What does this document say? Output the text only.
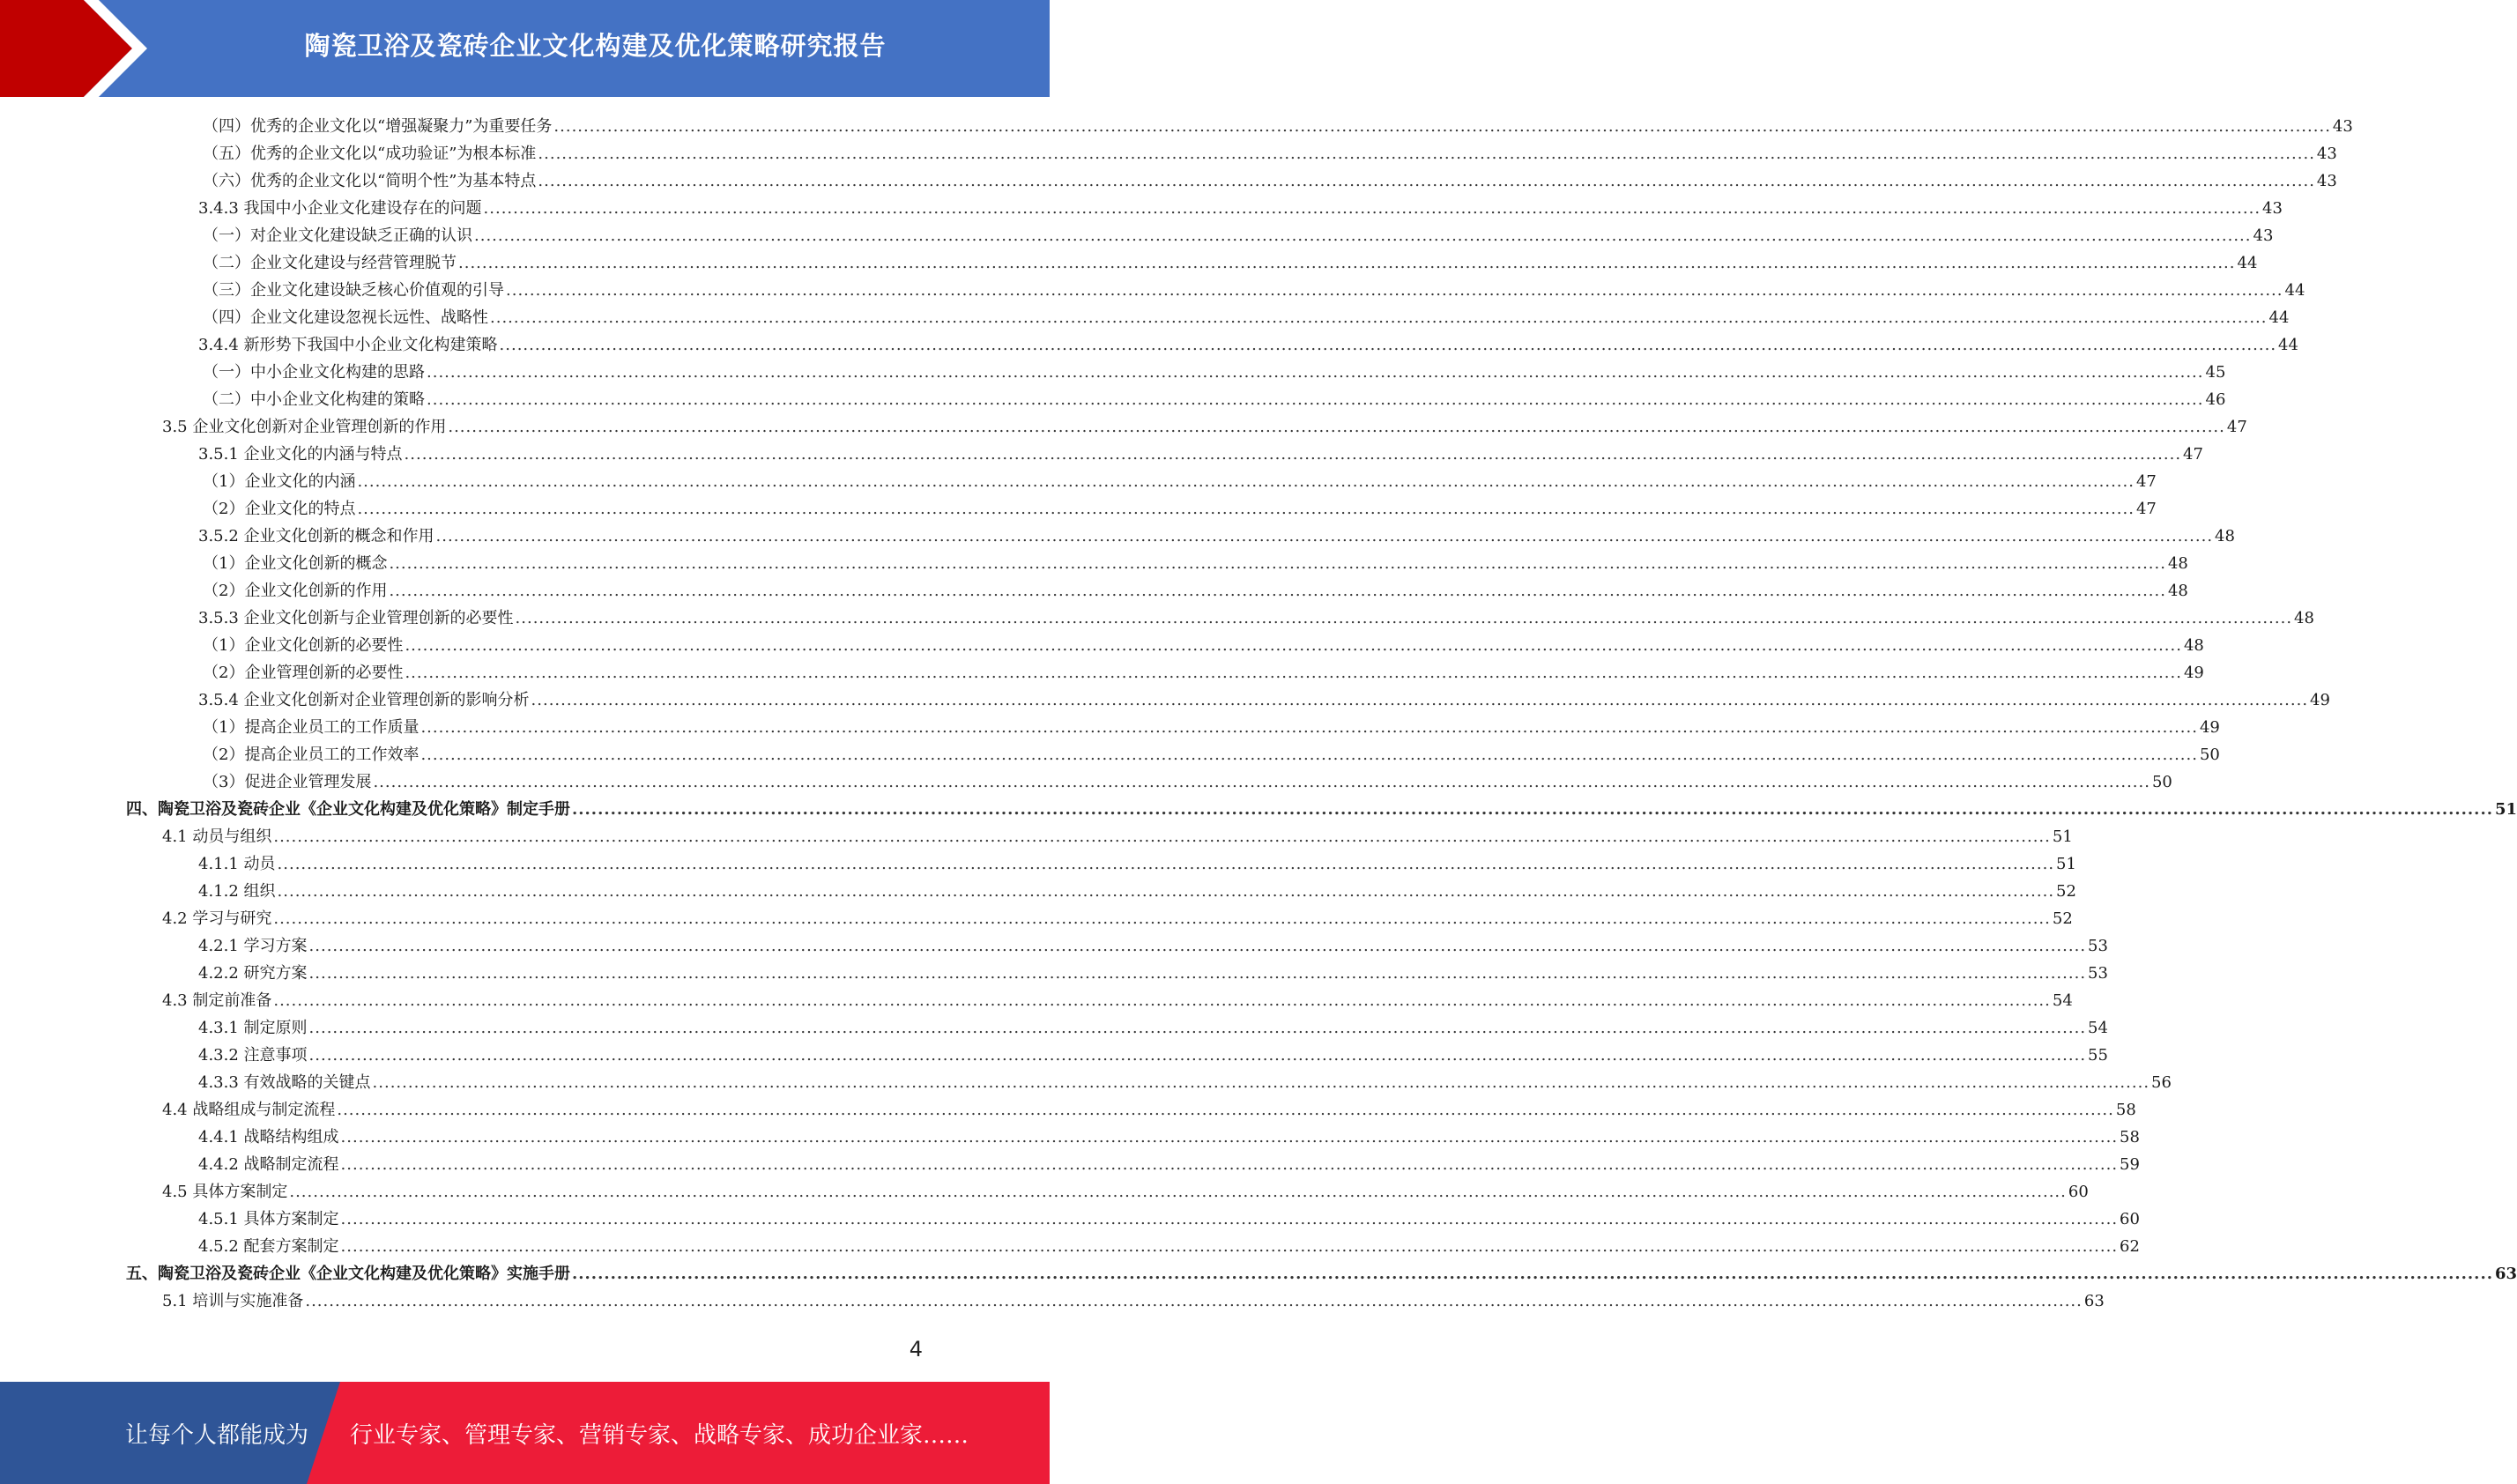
陶瓷卫浴及瓷砖企业文化构建及优化策略研究报告
（四）优秀的企业文化以“增强凝聚力”为重要任务 ............................................................................................................................................................................................................................................................................................................ 43
（五）优秀的企业文化以“成功验证”为根本标准 ............................................................................................................................................................................................................................................................................................................ 43
（六）优秀的企业文化以“简明个性”为基本特点 ............................................................................................................................................................................................................................................................................................................ 43
3.4.3 我国中小企业文化建设存在的问题 ............................................................................................................................................................................................................................................................................................................ 43
（一）对企业文化建设缺乏正确的认识 ............................................................................................................................................................................................................................................................................................................ 43
（二）企业文化建设与经营管理脱节 ............................................................................................................................................................................................................................................................................................................ 44
（三）企业文化建设缺乏核心价值观的引导 ............................................................................................................................................................................................................................................................................................................ 44
（四）企业文化建设忽视长远性、战略性 ............................................................................................................................................................................................................................................................................................................ 44
3.4.4 新形势下我国中小企业文化构建策略 ............................................................................................................................................................................................................................................................................................................ 44
（一）中小企业文化构建的思路 ............................................................................................................................................................................................................................................................................................................ 45
（二）中小企业文化构建的策略 ............................................................................................................................................................................................................................................................................................................ 46
3.5 企业文化创新对企业管理创新的作用 ............................................................................................................................................................................................................................................................................................................ 47
3.5.1 企业文化的内涵与特点 ............................................................................................................................................................................................................................................................................................................ 47
（1）企业文化的内涵 ............................................................................................................................................................................................................................................................................................................ 47
（2）企业文化的特点 ............................................................................................................................................................................................................................................................................................................ 47
3.5.2 企业文化创新的概念和作用 ............................................................................................................................................................................................................................................................................................................ 48
（1）企业文化创新的概念 ............................................................................................................................................................................................................................................................................................................ 48
（2）企业文化创新的作用 ............................................................................................................................................................................................................................................................................................................ 48
3.5.3 企业文化创新与企业管理创新的必要性 ............................................................................................................................................................................................................................................................................................................ 48
（1）企业文化创新的必要性 ............................................................................................................................................................................................................................................................................................................ 48
（2）企业管理创新的必要性 ............................................................................................................................................................................................................................................................................................................ 49
3.5.4 企业文化创新对企业管理创新的影响分析 ............................................................................................................................................................................................................................................................................................................ 49
（1）提高企业员工的工作质量 ............................................................................................................................................................................................................................................................................................................ 49
（2）提高企业员工的工作效率 ............................................................................................................................................................................................................................................................................................................ 50
（3）促进企业管理发展 ............................................................................................................................................................................................................................................................................................................ 50
四、陶瓷卫浴及瓷砖企业《企业文化构建及优化策略》制定手册 ............................................................................................................................................................................................................................................................................................................ 51
4.1 动员与组织 ............................................................................................................................................................................................................................................................................................................ 51
4.1.1 动员 ............................................................................................................................................................................................................................................................................................................ 51
4.1.2 组织 ............................................................................................................................................................................................................................................................................................................ 52
4.2 学习与研究 ............................................................................................................................................................................................................................................................................................................ 52
4.2.1 学习方案 ............................................................................................................................................................................................................................................................................................................ 53
4.2.2 研究方案 ............................................................................................................................................................................................................................................................................................................ 53
4.3 制定前准备 ............................................................................................................................................................................................................................................................................................................ 54
4.3.1 制定原则 ............................................................................................................................................................................................................................................................................................................ 54
4.3.2 注意事项 ............................................................................................................................................................................................................................................................................................................ 55
4.3.3 有效战略的关键点 ............................................................................................................................................................................................................................................................................................................ 56
4.4 战略组成与制定流程 ............................................................................................................................................................................................................................................................................................................ 58
4.4.1 战略结构组成 ............................................................................................................................................................................................................................................................................................................ 58
4.4.2 战略制定流程 ............................................................................................................................................................................................................................................................................................................ 59
4.5 具体方案制定 ............................................................................................................................................................................................................................................................................................................ 60
4.5.1 具体方案制定 ............................................................................................................................................................................................................................................................................................................ 60
4.5.2 配套方案制定 ............................................................................................................................................................................................................................................................................................................ 62
五、陶瓷卫浴及瓷砖企业《企业文化构建及优化策略》实施手册 ............................................................................................................................................................................................................................................................................................................ 63
5.1 培训与实施准备 ............................................................................................................................................................................................................................................................................................................ 63
4
让每个人都能成为 行业专家、管理专家、营销专家、战略专家、成功企业家……
